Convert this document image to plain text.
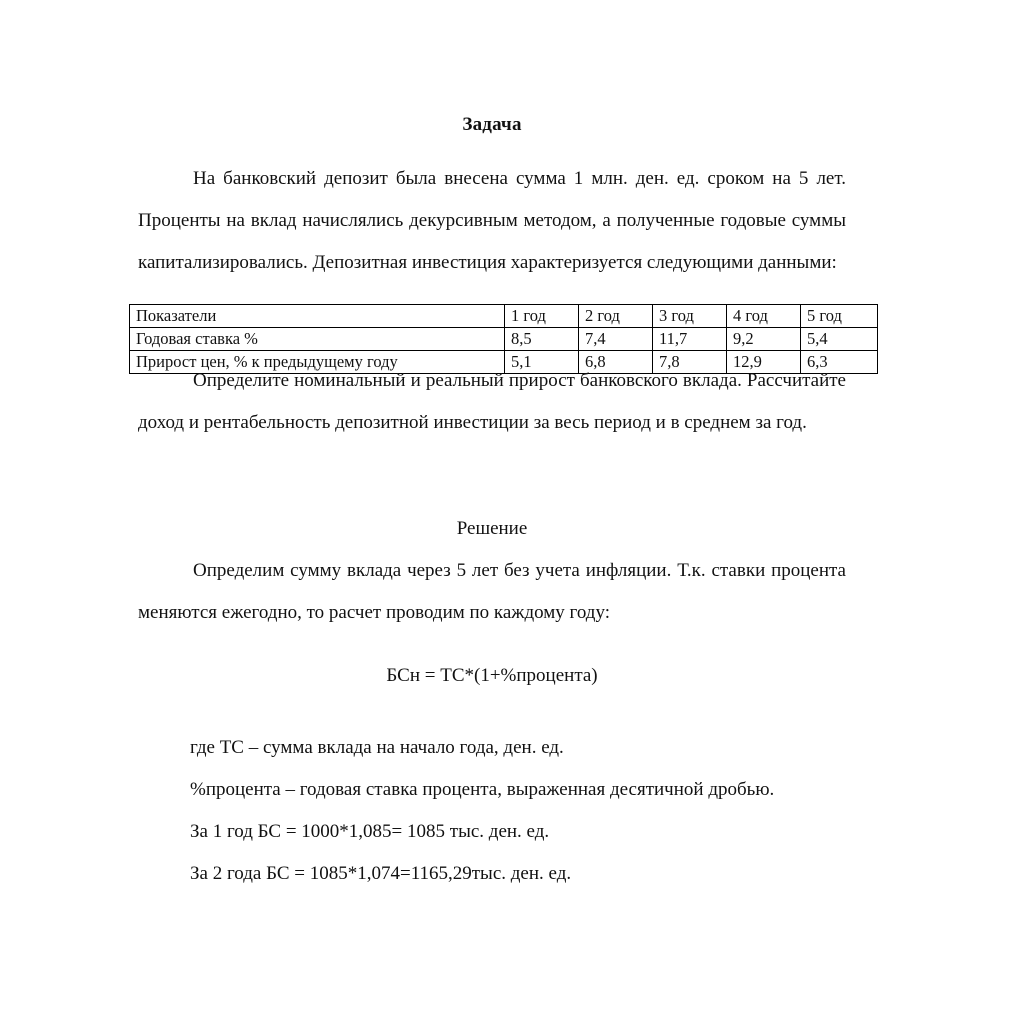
Задача

На банковский депозит была внесена сумма 1 млн. ден. ед. сроком на 5 лет. Проценты на вклад начислялись декурсивным методом, а полученные годовые суммы капитализировались. Депозитная инвестиция характеризуется следующими данными:

Показатели	1 год	2 год	3 год	4 год	5 год
Годовая ставка %	8,5	7,4	11,7	9,2	5,4
Прирост цен, % к предыдущему году	5,1	6,8	7,8	12,9	6,3

Определите номинальный и реальный прирост банковского вклада. Рассчитайте доход и рентабельность депозитной инвестиции за весь период и в среднем за год.

Решение

Определим сумму вклада через 5 лет без учета инфляции. Т.к. ставки процента меняются ежегодно, то расчет проводим по каждому году:

БСн = ТС*(1+%процента)

где ТС – сумма вклада на начало года, ден. ед.

%процента – годовая ставка процента, выраженная десятичной дробью.

За 1 год БС = 1000*1,085= 1085 тыс. ден. ед.

За 2 года БС = 1085*1,074=1165,29тыс. ден. ед.
